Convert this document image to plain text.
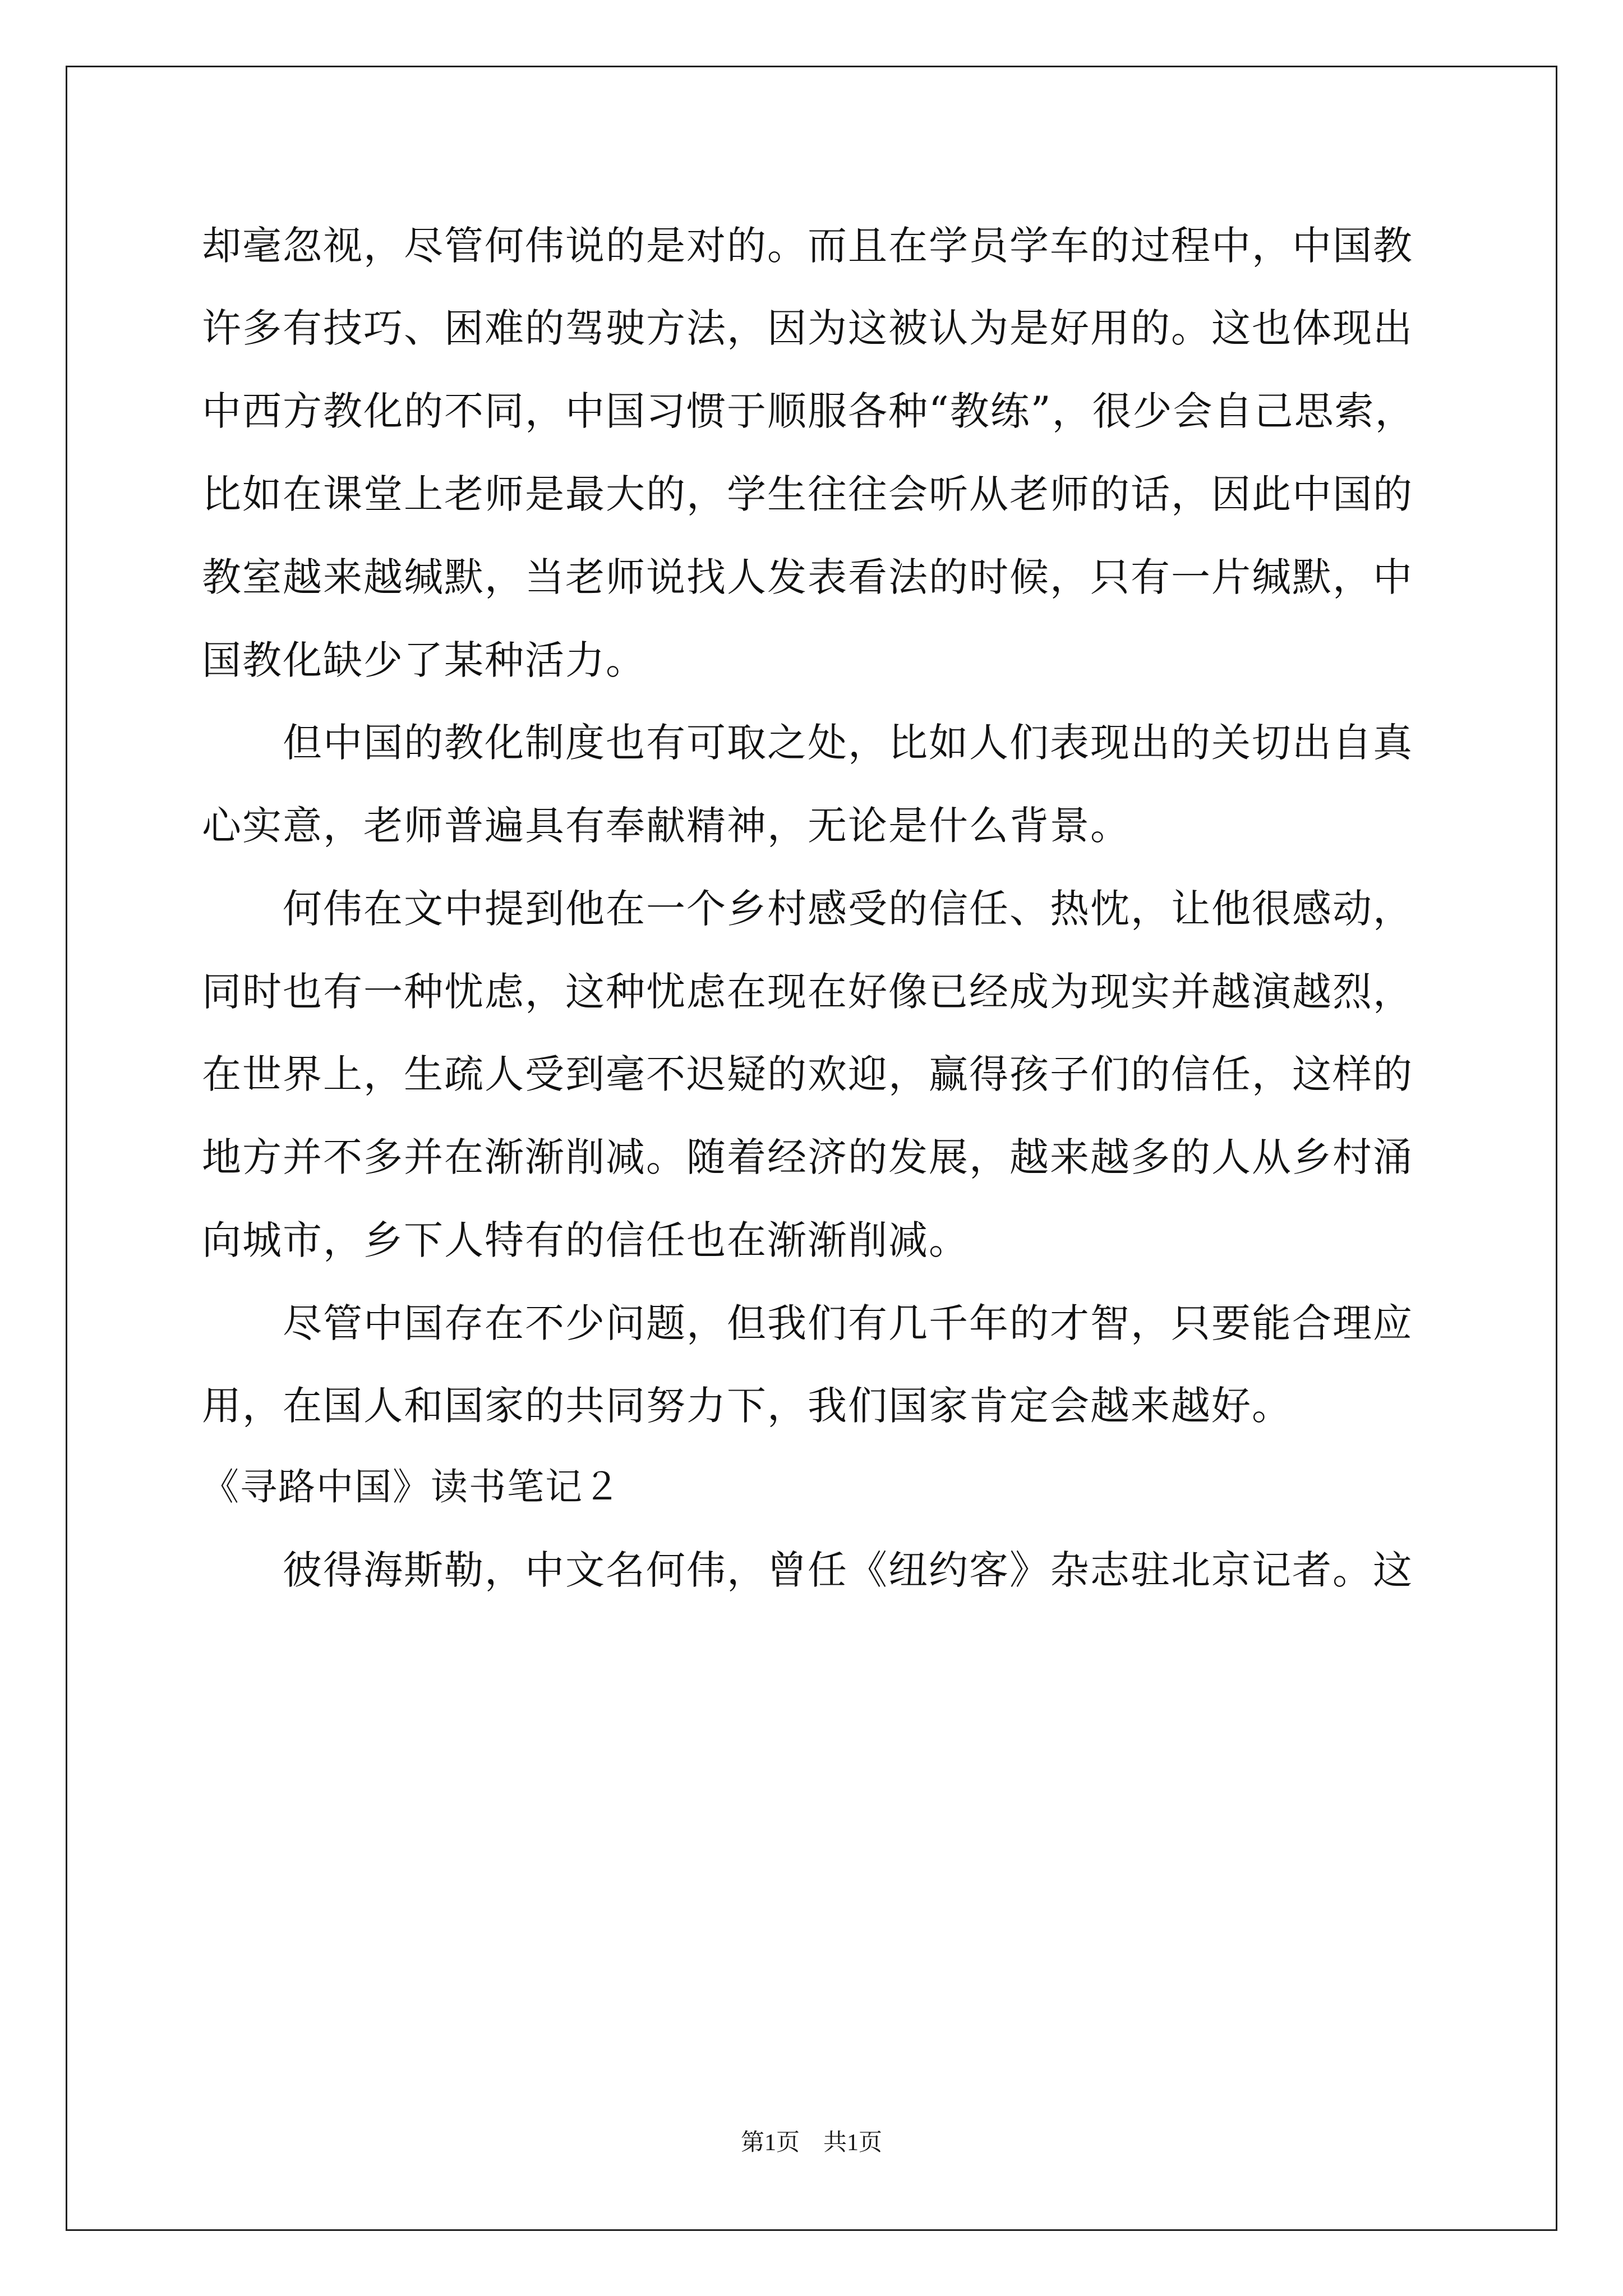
却毫忽视，尽管何伟说的是对的。而且在学员学车的过程中，中国教
许多有技巧、困难的驾驶方法，因为这被认为是好用的。这也体现出
中西方教化的不同，中国习惯于顺服各种“教练”，很少会自己思索，
比如在课堂上老师是最大的，学生往往会听从老师的话，因此中国的
教室越来越缄默，当老师说找人发表看法的时候，只有一片缄默，中
国教化缺少了某种活力。
　　但中国的教化制度也有可取之处，比如人们表现出的关切出自真
心实意，老师普遍具有奉献精神，无论是什么背景。
　　何伟在文中提到他在一个乡村感受的信任、热忱，让他很感动，
同时也有一种忧虑，这种忧虑在现在好像已经成为现实并越演越烈，
在世界上，生疏人受到毫不迟疑的欢迎，赢得孩子们的信任，这样的
地方并不多并在渐渐削减。随着经济的发展，越来越多的人从乡村涌
向城市，乡下人特有的信任也在渐渐削减。
　　尽管中国存在不少问题，但我们有几千年的才智，只要能合理应
用，在国人和国家的共同努力下，我们国家肯定会越来越好。
《寻路中国》读书笔记２
　　彼得海斯勒，中文名何伟，曾任《纽约客》杂志驻北京记者。这
第1页　共1页
